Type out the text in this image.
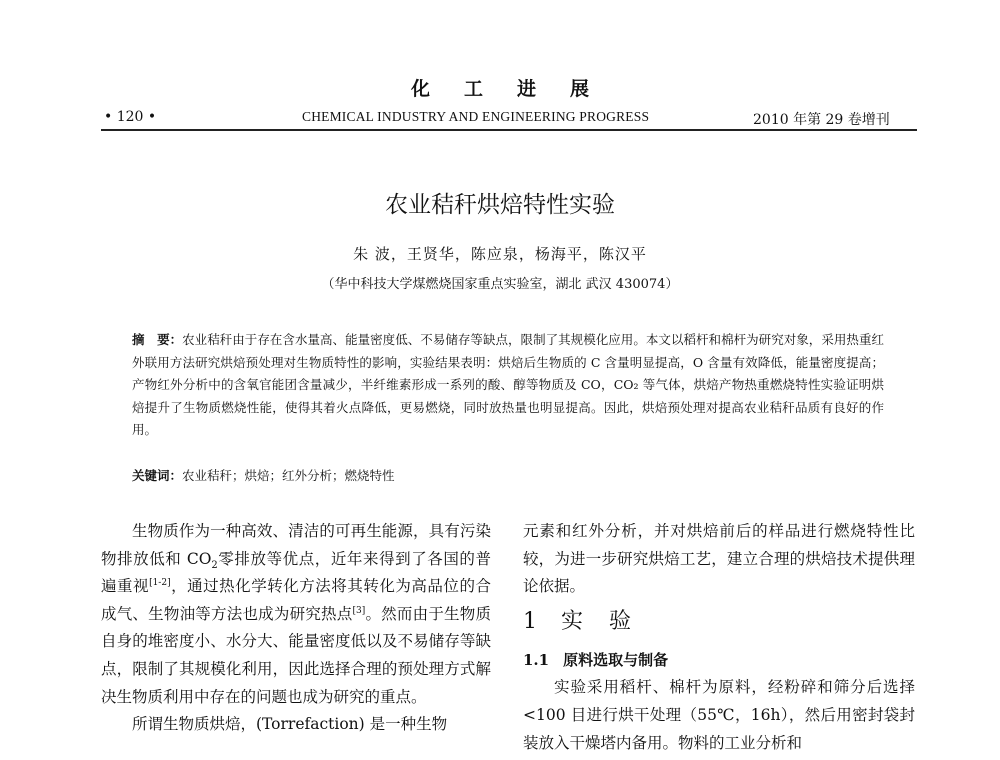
化工进展
• 120 •	CHEMICAL INDUSTRY AND ENGINEERING PROGRESS	2010 年第 29 卷增刊
农业秸秆烘焙特性实验
朱 波，王贤华，陈应泉，杨海平，陈汉平
（华中科技大学煤燃烧国家重点实验室，湖北 武汉 430074）
摘　要：农业秸秆由于存在含水量高、能量密度低、不易储存等缺点，限制了其规模化应用。本文以稻杆和棉杆为研究对象，采用热重红外联用方法研究烘焙预处理对生物质特性的影响，实验结果表明：烘焙后生物质的 C 含量明显提高，O 含量有效降低，能量密度提高；产物红外分析中的含氧官能团含量减少，半纤维素形成一系列的酸、醇等物质及 CO，CO₂ 等气体，烘焙产物热重燃烧特性实验证明烘焙提升了生物质燃烧性能，使得其着火点降低，更易燃烧，同时放热量也明显提高。因此，烘焙预处理对提高农业秸秆品质有良好的作用。
关键词：农业秸秆；烘焙；红外分析；燃烧特性

生物质作为一种高效、清洁的可再生能源，具有污染物排放低和 $CO_2$零排放等优点，近年来得到了各国的普遍重视[1-2]，通过热化学转化方法将其转化为高品位的合成气、生物油等方法也成为研究热点[3]。然而由于生物质自身的堆密度小、水分大、能量密度低以及不易储存等缺点，限制了其规模化利用，因此选择合理的预处理方式解决生物质利用中存在的问题也成为研究的重点。

所谓生物质烘焙，(Torrefaction) 是一种生物

元素和红外分析，并对烘焙前后的样品进行燃烧特性比较，为进一步研究烘焙工艺，建立合理的烘焙技术提供理论依据。

1 实　验

1.1 原料选取与制备

实验采用稻杆、棉杆为原料，经粉碎和筛分后选择<100 目进行烘干处理（55℃，16h），然后用密封袋封装放入干燥塔内备用。物料的工业分析和
